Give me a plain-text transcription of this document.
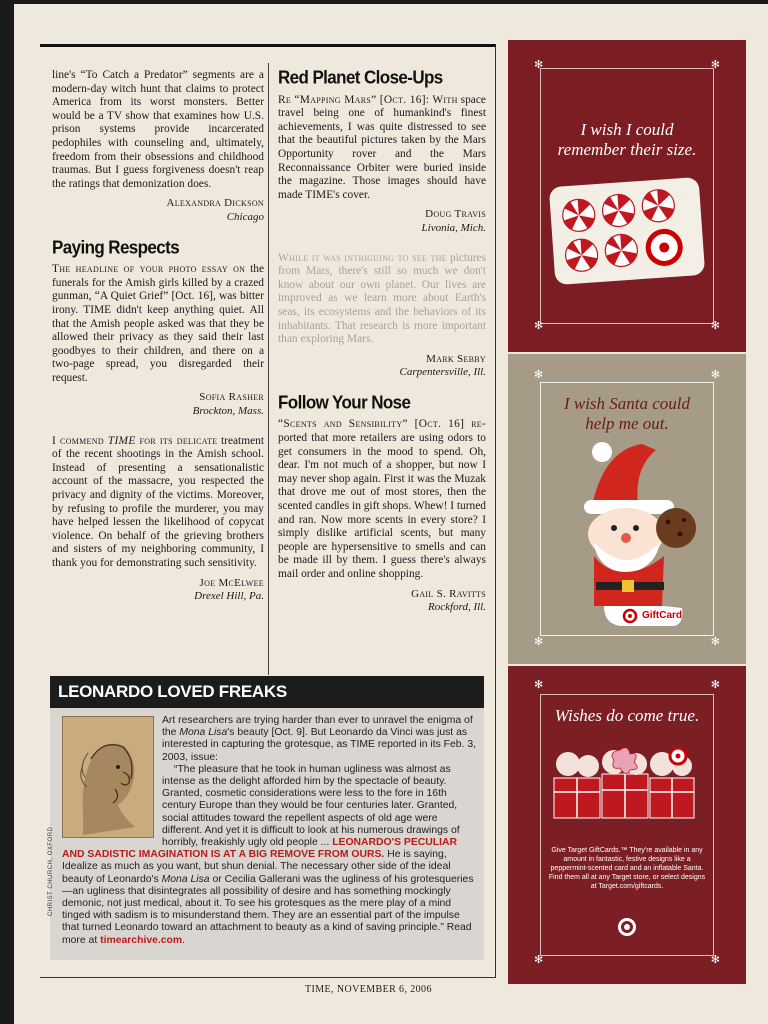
line's “To Catch a Predator” segments are a modern-day witch hunt that claims to protect America from its worst monsters. Better would be a TV show that examines how U.S. prison systems provide incarcerated pedophiles with counseling and, ultimately, freedom from their obsessions and childhood traumas. But I guess forgiveness doesn't reap the ratings that demonization does.

Alexandra Dickson
Chicago
Paying Respects

The headline of your photo essay on the funerals for the Amish girls killed by a crazed gunman, “A Quiet Grief” [Oct. 16], was bitter irony. TIME didn't keep anything quiet. All that the Amish people asked was that they be allowed their privacy as they said their last goodbyes to their children, and there on a two-page spread, you disregarded their request.

Sofia Rasher
Brockton, Mass.

I commend TIME for its delicate treatment of the recent shootings in the Amish school. Instead of presenting a sensationalistic account of the massacre, you respected the privacy and dignity of the victims. Moreover, by refusing to profile the murderer, you may have helped lessen the likelihood of copycat violence. On behalf of the grieving brothers and sisters of my neighboring community, I thank you for demonstrating such sensitivity.

Joe McElwee
Drexel Hill, Pa.
Red Planet Close-Ups

Re “Mapping Mars” [Oct. 16]: With space travel being one of humankind's finest achievements, I was quite distressed to see that the beautiful pictures taken by the Mars Opportunity rover and the Mars Reconnaissance Orbiter were buried inside the magazine. Those images should have made TIME's cover.

Doug Travis
Livonia, Mich.

While it was intriguing to see the pictures from Mars, there's still so much we don't know about our own planet. Our lives are improved as we learn more about Earth's seas, its ecosystems and the behaviors of its inhabitants. That research is more important than exploring Mars.

Mark Sebby
Carpentersville, Ill.
Follow Your Nose

“Scents and Sensibility” [Oct. 16] re-ported that more retailers are using odors to get consumers in the mood to spend. Oh, dear. I'm not much of a shopper, but now I may never shop again. First it was the Muzak that drove me out of most stores, then the scented candles in gift shops. Whew! I turned and ran. Now more scents in every store? I simply dislike artificial scents, but many people are hypersensitive to smells and can be made ill by them. I guess there's always mail order and online shopping.

Gail S. Ravitts
Rockford, Ill.
LEONARDO LOVED FREAKS
CHRIST CHURCH, OXFORD
Art researchers are trying harder than ever to unravel the enigma of the Mona Lisa's beauty [Oct. 9]. But Leonardo da Vinci was just as interested in capturing the grotesque, as TIME reported in its Feb. 3, 2003, issue:
“The pleasure that he took in human ugliness was almost as intense as the delight afforded him by the spectacle of beauty. Granted, cosmetic considerations were less to the fore in 16th century Europe than they would be four centuries later. Granted, social attitudes toward the repellent aspects of old age were different. And yet it is difficult to look at his numerous drawings of horribly, freakishly ugly old people ... LEONARDO'S PECULIAR AND SADISTIC IMAGINATION IS AT A BIG REMOVE FROM OURS. He is saying, Idealize as much as you want, but shun denial. The necessary other side of the ideal beauty of Leonardo's Mona Lisa or Cecilia Gallerani was the ugliness of his grotesqueries—an ugliness that disintegrates all possibility of desire and has something mockingly demonic, not just medical, about it. To see his grotesques as the mere play of a mind tinged with sadism is to misunderstand them. They are an essential part of the impulse that turned Leonardo toward an attachment to beauty as a kind of saving principle.” Read more at timearchive.com.
TIME, NOVEMBER 6, 2006
✻	✻
✻	✻
I wish I could remember their size.
✻	✻
✻	✻
I wish Santa could help me out.
GiftCard
✻	✻
✻	✻
Wishes do come true.
Give Target GiftCards.™ They're available in any amount in fantastic, festive designs like a peppermint-scented card and an inflatable Santa. Find them all at any Target store, or select designs at Target.com/giftcards.
